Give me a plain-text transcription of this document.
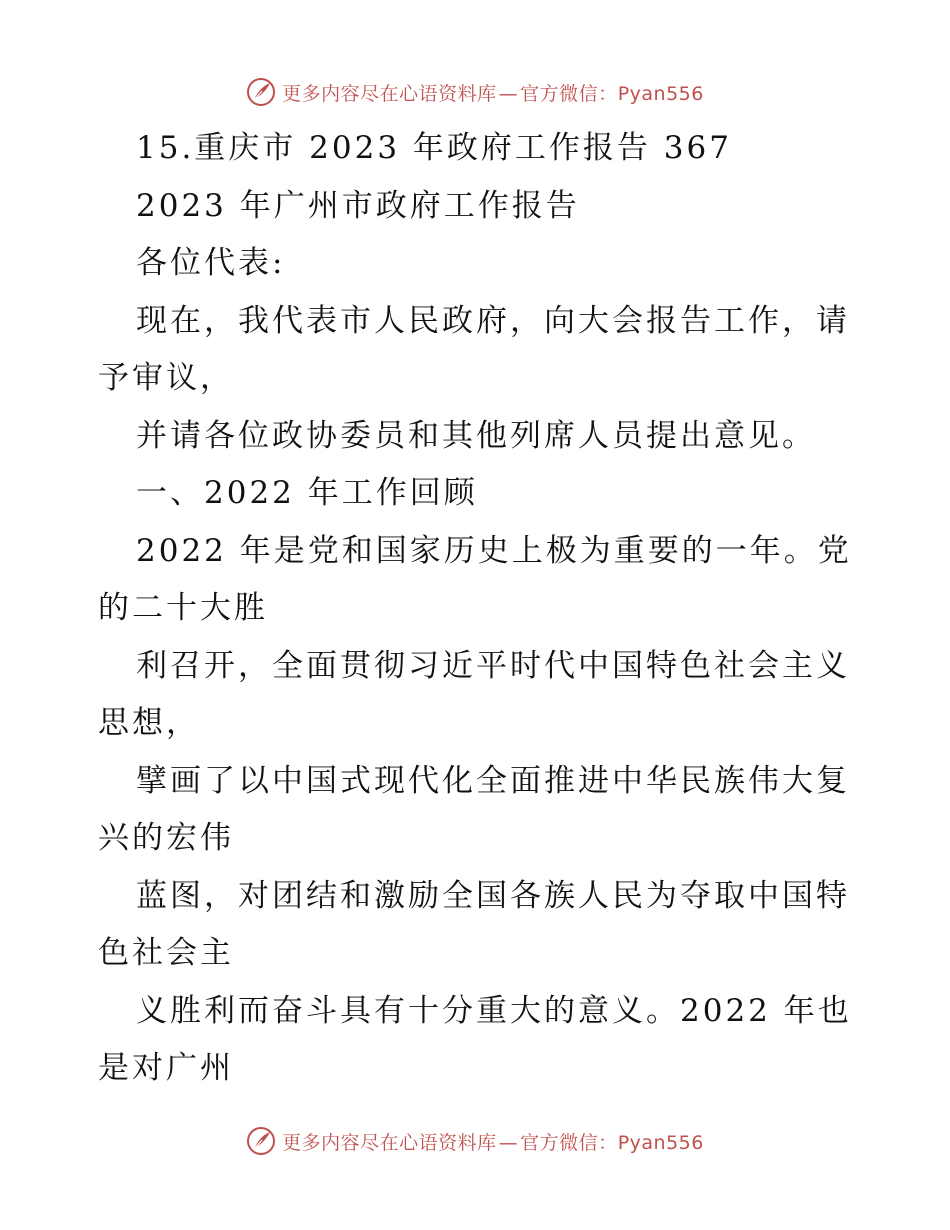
更多内容尽在心语资料库 — 官方微信：Pyan556
15.重庆市 2023 年政府工作报告 367
2023 年广州市政府工作报告
各位代表:
现在，我代表市人民政府，向大会报告工作，请
予审议，
并请各位政协委员和其他列席人员提出意见。
一、2022 年工作回顾
2022 年是党和国家历史上极为重要的一年。党
的二十大胜
利召开，全面贯彻习近平时代中国特色社会主义
思想，
擘画了以中国式现代化全面推进中华民族伟大复
兴的宏伟
蓝图，对团结和激励全国各族人民为夺取中国特
色社会主
义胜利而奋斗具有十分重大的意义。2022 年也
是对广州
更多内容尽在心语资料库 — 官方微信：Pyan556
